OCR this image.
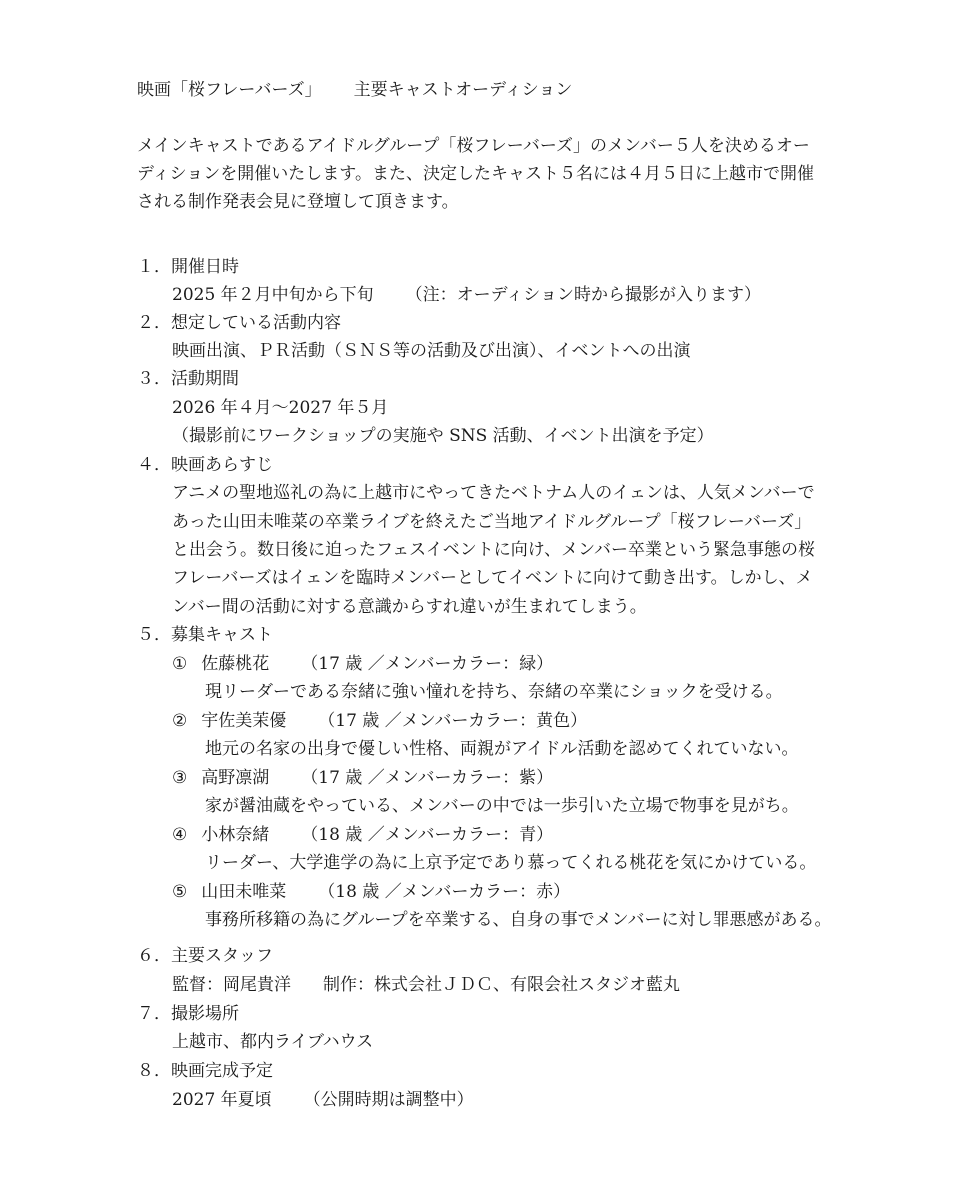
映画「桜フレーバーズ」 主要キャストオーディション
メインキャストであるアイドルグループ「桜フレーバーズ」のメンバー５人を決めるオー
ディションを開催いたします。また、決定したキャスト５名には４月５日に上越市で開催
される制作発表会見に登壇して頂きます。
１．開催日時
2025 年２月中旬から下旬 （注：オーディション時から撮影が入ります）
２．想定している活動内容
映画出演、ＰＲ活動（ＳＮＳ等の活動及び出演）、イベントへの出演
３．活動期間
2026 年４月～2027 年５月
（撮影前にワークショップの実施や SNS 活動、イベント出演を予定）
４．映画あらすじ
アニメの聖地巡礼の為に上越市にやってきたベトナム人のイェンは、人気メンバーで
あった山田未唯菜の卒業ライブを終えたご当地アイドルグループ「桜フレーバーズ」
と出会う。数日後に迫ったフェスイベントに向け、メンバー卒業という緊急事態の桜
フレーバーズはイェンを臨時メンバーとしてイベントに向けて動き出す。しかし、メ
ンバー間の活動に対する意識からすれ違いが生まれてしまう。
５．募集キャスト
① 佐藤桃花 （17 歳 ／メンバーカラー：緑）
現リーダーである奈緒に強い憧れを持ち、奈緒の卒業にショックを受ける。
② 宇佐美茉優 （17 歳 ／メンバーカラー：黄色）
地元の名家の出身で優しい性格、両親がアイドル活動を認めてくれていない。
③ 高野凛湖 （17 歳 ／メンバーカラー：紫）
家が醤油蔵をやっている、メンバーの中では一歩引いた立場で物事を見がち。
④ 小林奈緒 （18 歳 ／メンバーカラー：青）
リーダー、大学進学の為に上京予定であり慕ってくれる桃花を気にかけている。
⑤ 山田未唯菜 （18 歳 ／メンバーカラー：赤）
事務所移籍の為にグループを卒業する、自身の事でメンバーに対し罪悪感がある。
６．主要スタッフ
監督：岡尾貴洋 制作：株式会社ＪＤＣ、有限会社スタジオ藍丸
７．撮影場所
上越市、都内ライブハウス
８．映画完成予定
2027 年夏頃 （公開時期は調整中）
